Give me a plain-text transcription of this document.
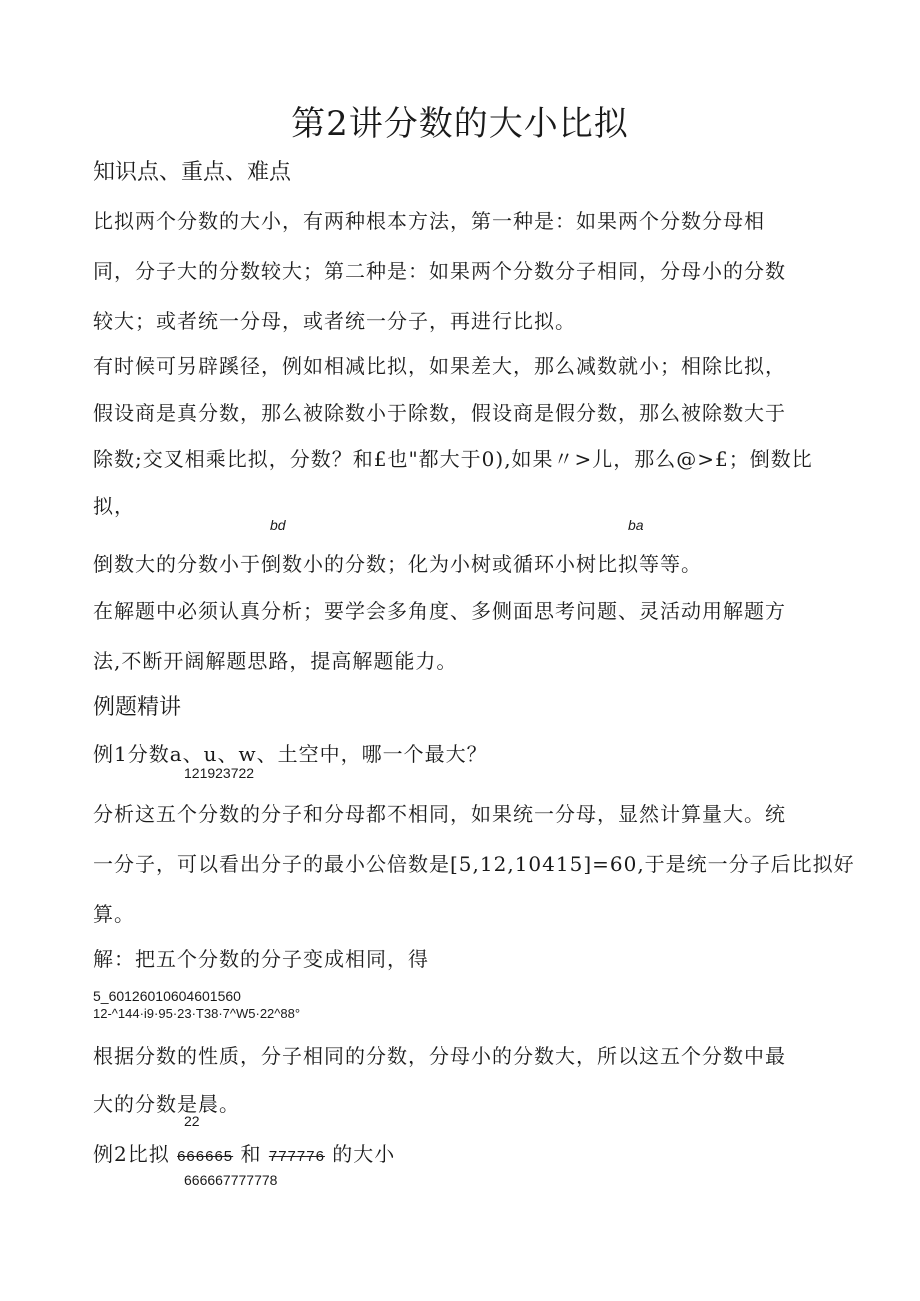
第2讲分数的大小比拟
知识点、重点、难点
比拟两个分数的大小，有两种根本方法，第一种是：如果两个分数分母相
同，分子大的分数较大；第二种是：如果两个分数分子相同，分母小的分数
较大；或者统一分母，或者统一分子，再进行比拟。
有时候可另辟蹊径，例如相减比拟，如果差大，那么减数就小；相除比拟，
假设商是真分数，那么被除数小于除数，假设商是假分数，那么被除数大于
除数;交叉相乘比拟，分数？和£也"都大于0),如果〃>儿，那么@>£；倒数比
拟，
bd	ba
倒数大的分数小于倒数小的分数；化为小树或循环小树比拟等等。
在解题中必须认真分析；要学会多角度、多侧面思考问题、灵活动用解题方
法,不断开阔解题思路，提高解题能力。
例题精讲
例1分数a、u、w、土空中，哪一个最大？
121923722
分析这五个分数的分子和分母都不相同，如果统一分母，显然计算量大。统
一分子，可以看出分子的最小公倍数是[5,12,10415]=60,于是统一分子后比拟好
算。
解：把五个分数的分子变成相同，得
5_60126010604601560
12-^144·i9·95·23·T38·7^W5·22^88°
根据分数的性质，分子相同的分数，分母小的分数大，所以这五个分数中最
大的分数是晨。
22
例2比拟 666665 和 777776 的大小
666667777778
